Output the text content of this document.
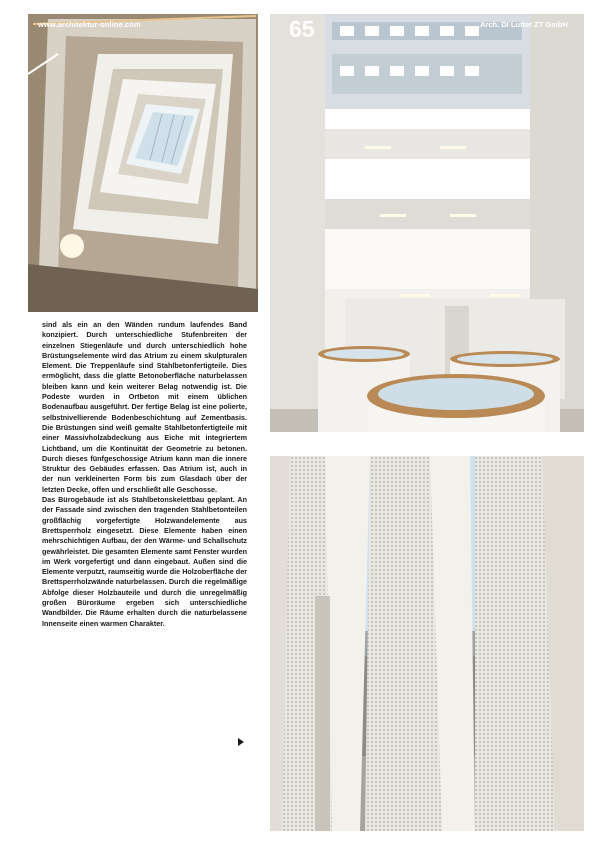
www.architektur-online.com	65	Arch. DI Lutter ZT GmbH

sind als ein an den Wänden rundum laufendes Band konzipiert. Durch unterschiedliche Stufenbreiten der einzelnen Stiegenläufe und durch unterschiedlich hohe Brüstungselemente wird das Atrium zu einem skulpturalen Element. Die Treppenläufe sind Stahlbetonfertigteile. Dies ermöglicht, dass die glatte Betonoberfläche naturbelassen bleiben kann und kein weiterer Belag notwendig ist. Die Podeste wurden in Ortbeton mit einem üblichen Bodenaufbau ausgeführt. Der fertige Belag ist eine polierte, selbstnivellierende Bodenbeschichtung auf Zementbasis. Die Brüstungen sind weiß gemalte Stahlbetonfertigteile mit einer Massivholzabdeckung aus Eiche mit integriertem Lichtband, um die Kontinuität der Geometrie zu betonen. Durch dieses fünfgeschossige Atrium kann man die innere Struktur des Gebäudes erfassen. Das Atrium ist, auch in der nun verkleinerten Form bis zum Glasdach über der letzten Decke, offen und erschließt alle Geschosse.

Das Bürogebäude ist als Stahlbetonskelettbau geplant. An der Fassade sind zwischen den tragenden Stahlbetonteilen großflächig vorgefertigte Holzwandelemente aus Brettsperrholz eingesetzt. Diese Elemente haben einen mehrschichtigen Aufbau, der den Wärme- und Schallschutz gewährleistet. Die gesamten Elemente samt Fenster wurden im Werk vorgefertigt und dann eingebaut. Außen sind die Elemente verputzt, raumseitig wurde die Holzoberfläche der Brettsperrholzwände naturbelassen. Durch die regelmäßige Abfolge dieser Holzbauteile und durch die unregelmäßig großen Büroräume ergeben sich unterschiedliche Wandbilder. Die Räume erhalten durch die naturbelassene Innenseite einen warmen Charakter.
